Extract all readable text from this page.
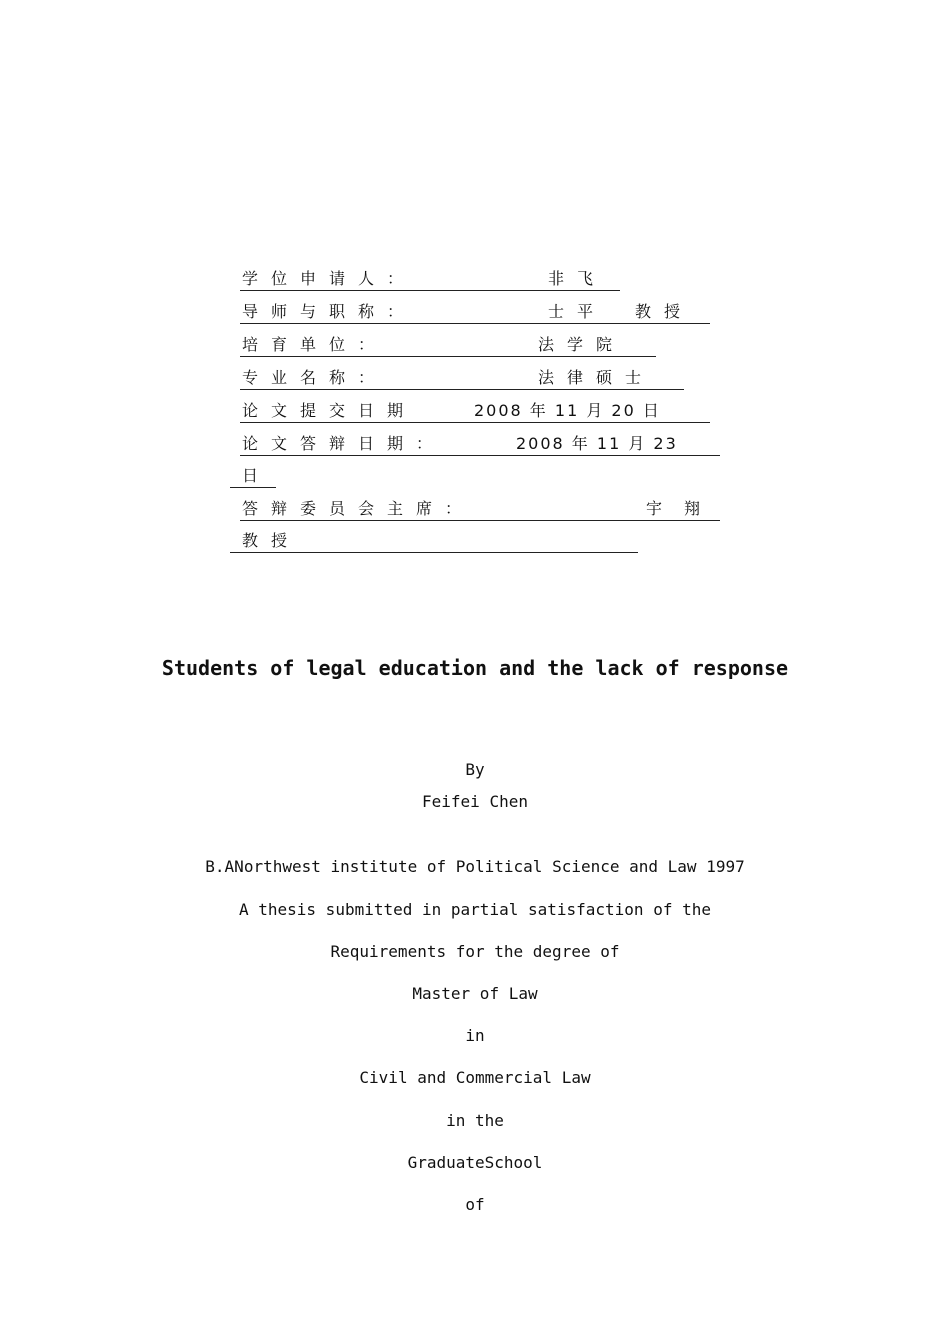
学位申请人：	非飞
导师与职称：	士平　教授
培育单位：	法学院
专业名称：	法律硕士
论文提交日期	2008 年 11 月 20 日
论文答辩日期：	2008 年 11 月 23
日
答辩委员会主席：	宇翔
教授
Students of legal education and the lack of response
By
Feifei Chen
B.ANorthwest institute of Political Science and Law 1997
A thesis submitted in partial satisfaction of the
Requirements for the degree of
Master of Law
in
Civil and Commercial Law
in the
GraduateSchool
of
